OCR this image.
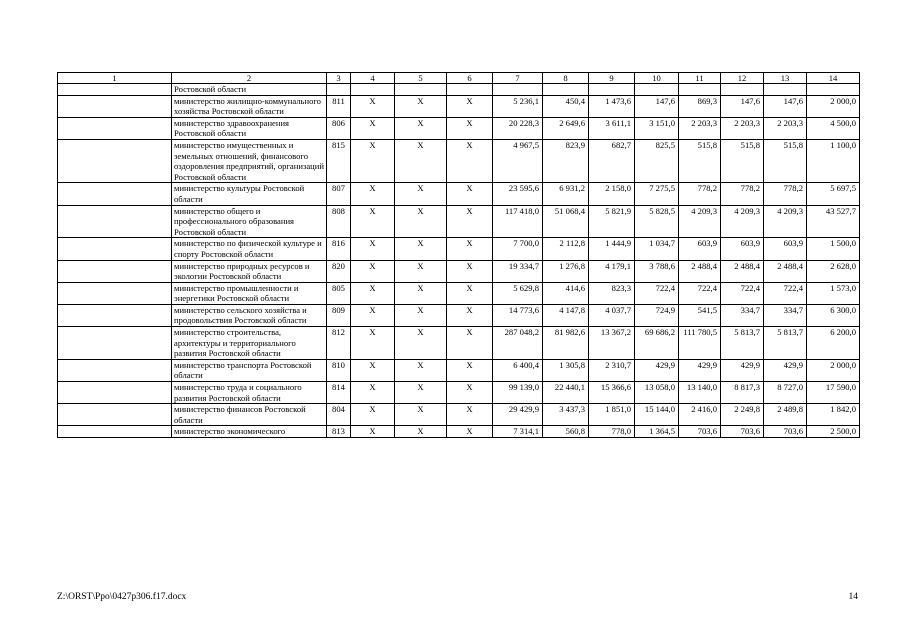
1	2	3	4	5	6	7	8	9	10	11	12	13	14
	Ростовской области												
	министерство жилищно-коммунального хозяйства Ростовской области	811	X	X	X	5 236,1	450,4	1 473,6	147,6	869,3	147,6	147,6	2 000,0
	министерство здравоохранения Ростовской области	806	X	X	X	20 228,3	2 649,6	3 611,1	3 151,0	2 203,3	2 203,3	2 203,3	4 500,0
	министерство имущественных и земельных отношений, финансового оздоровления предприятий, организаций Ростовской области	815	X	X	X	4 967,5	823,9	682,7	825,5	515,8	515,8	515,8	1 100,0
	министерство культуры Ростовской области	807	X	X	X	23 595,6	6 931,2	2 158,0	7 275,5	778,2	778,2	778,2	5 697,5
	министерство общего и профессионального образования Ростовской области	808	X	X	X	117 418,0	51 068,4	5 821,9	5 828,5	4 209,3	4 209,3	4 209,3	43 527,7
	министерство по физической культуре и спорту Ростовской области	816	X	X	X	7 700,0	2 112,8	1 444,9	1 034,7	603,9	603,9	603,9	1 500,0
	министерство природных ресурсов и экологии Ростовской области	820	X	X	X	19 334,7	1 276,8	4 179,1	3 788,6	2 488,4	2 488,4	2 488,4	2 628,0
	министерство промышленности и энергетики Ростовской области	805	X	X	X	5 629,8	414,6	823,3	722,4	722,4	722,4	722,4	1 573,0
	министерство сельского хозяйства и продовольствия Ростовской области	809	X	X	X	14 773,6	4 147,8	4 037,7	724,9	541,5	334,7	334,7	6 300,0
	министерство строительства, архитектуры и территориального развития Ростовской области	812	X	X	X	287 048,2	81 982,6	13 367,2	69 686,2	111 780,5	5 813,7	5 813,7	6 200,0
	министерство транспорта Ростовской области	810	X	X	X	6 400,4	1 305,8	2 310,7	429,9	429,9	429,9	429,9	2 000,0
	министерство труда и социального развития Ростовской области	814	X	X	X	99 139,0	22 440,1	15 366,6	13 058,0	13 140,0	8 817,3	8 727,0	17 590,0
	министерство финансов Ростовской области	804	X	X	X	29 429,9	3 437,3	1 851,0	15 144,0	2 416,0	2 249,8	2 489,8	1 842,0
	министерство экономического	813	X	X	X	7 314,1	560,8	778,0	1 364,5	703,6	703,6	703,6	2 500,0
Z:\ORST\Ppo\0427p306.f17.docx	14
